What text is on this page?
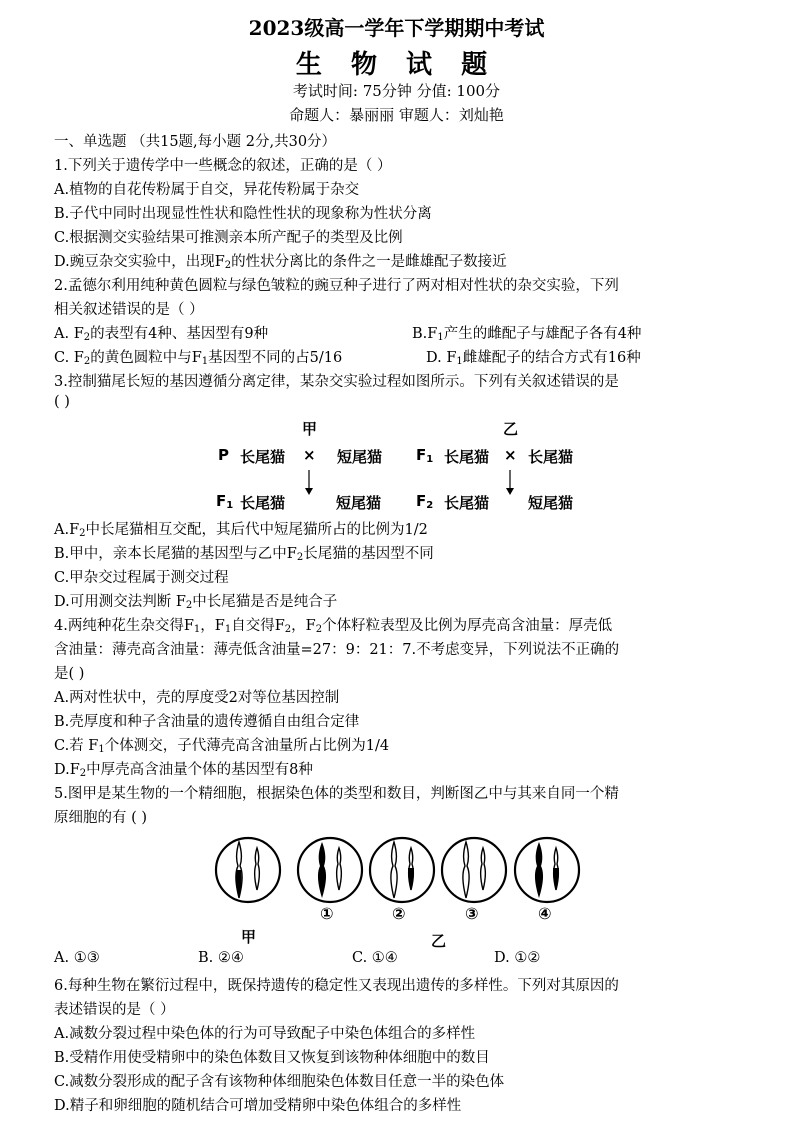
2023级高一学年下学期期中考试
生 物 试 题
考试时间: 75分钟 分值: 100分
命题人：暴丽丽 审题人：刘灿艳
一、单选题 （共15题,每小题 2分,共30分）
1.下列关于遗传学中一些概念的叙述，正确的是（ ）
A.植物的自花传粉属于自交，异花传粉属于杂交
B.子代中同时出现显性性状和隐性性状的现象称为性状分离
C.根据测交实验结果可推测亲本所产配子的类型及比例
D.豌豆杂交实验中，出现$F_2$的性状分离比的条件之一是雌雄配子数接近
2.孟德尔利用纯种黄色圆粒与绿色皱粒的豌豆种子进行了两对相对性状的杂交实验，下列
相关叙述错误的是（ ）
A. $F_2$的表型有4种、基因型有9种	$B.F_1$产生的雌配子与雄配子各有4种
C. $F_2$的黄色圆粒中与$F_1$基因型不同的占5/16	D. $F_1$雌雄配子的结合方式有16种
3.控制猫尾长短的基因遵循分离定律，某杂交实验过程如图所示。下列有关叙述错误的是
( )
甲	乙
P 长尾猫 × 短尾猫 $F_1$ 长尾猫 × 长尾猫
$F_1$ 长尾猫	短尾猫 $F_2$ 长尾猫	短尾猫
$A.F_2$中长尾猫相互交配，其后代中短尾猫所占的比例为1/2
B.甲中，亲本长尾猫的基因型与乙中$F_2$长尾猫的基因型不同
C.甲杂交过程属于测交过程
D.可用测交法判断 $F_2$中长尾猫是否是纯合子
4.两纯种花生杂交得$F_1$，$F_1$自交得$F_2$，$F_2$个体籽粒表型及比例为厚壳高含油量：厚壳低
含油量：薄壳高含油量：薄壳低含油量=27：9：21：7.不考虑变异，下列说法不正确的
是( )
A.两对性状中，壳的厚度受2对等位基因控制
B.壳厚度和种子含油量的遗传遵循自由组合定律
C.若 $F_1$个体测交，子代薄壳高含油量所占比例为1/4
$D.F_2$中厚壳高含油量个体的基因型有8种
5.图甲是某生物的一个精细胞，根据染色体的类型和数目，判断图乙中与其来自同一个精
原细胞的有 ( )
①	②	③	④
甲	乙
A. ①③	B. ②④	C. ①④	D. ①②
6.每种生物在繁衍过程中，既保持遗传的稳定性又表现出遗传的多样性。下列对其原因的
表述错误的是（ ）
A.减数分裂过程中染色体的行为可导致配子中染色体组合的多样性
B.受精作用使受精卵中的染色体数目又恢复到该物种体细胞中的数目
C.减数分裂形成的配子含有该物种体细胞染色体数目任意一半的染色体
D.精子和卵细胞的随机结合可增加受精卵中染色体组合的多样性
